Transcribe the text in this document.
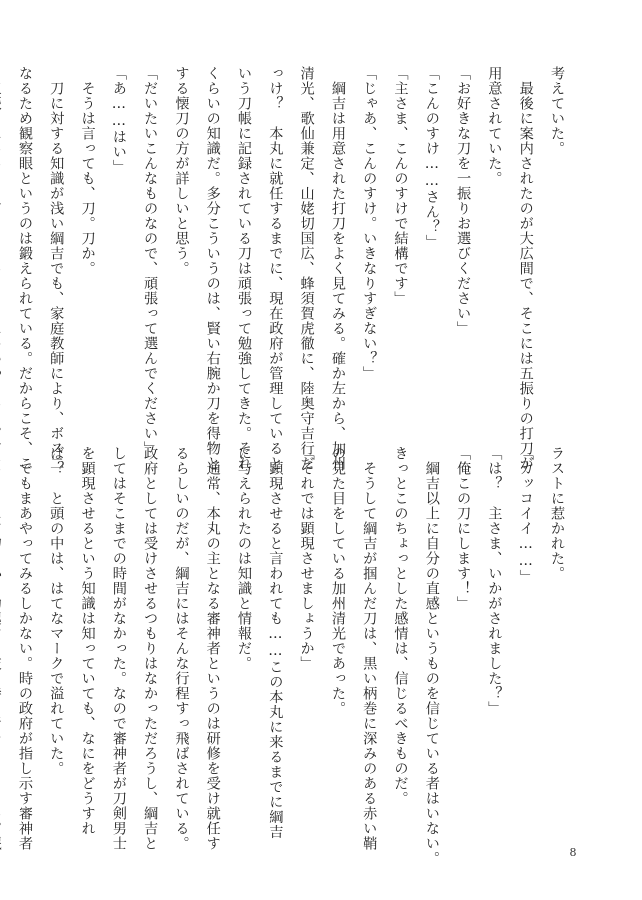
考えていた。
　最後に案内されたのが大広間で、そこには五振りの打刀が
用意されていた。
「お好きな刀を一振りお選びください」
「こんのすけ……さん？」
「主さま、こんのすけで結構です」
「じゃあ、こんのすけ。いきなりすぎない？」
　綱吉は用意された打刀をよく見てみる。確か左から、加州
清光、歌仙兼定、山姥切国広、蜂須賀虎徹に、陸奥守吉行だ
っけ？　本丸に就任するまでに、現在政府が管理していると
いう刀帳に記録されている刀は頑張って勉強してきた。それ
くらいの知識だ。多分こういうのは、賢い右腕か刀を得物と
する懐刀の方が詳しいと思う。
「だいたいこんなものなので、頑張って選んでください」
「あ……はい」
　そうは言っても、刀。刀か。
　刀に対する知識が浅い綱吉でも、家庭教師により、ボス二
なるため観察眼というのは鍛えられている。だからこそ、こ
ラストに惹かれた。
「カッコイイ……」
「は？　主さま、いかがされました？」
「俺この刀にします！」
　綱吉以上に自分の直感というものを信じている者はいない。
きっとこのちょっとした感情は、信じるべきものだ。
　そうして綱吉が掴んだ刀は、黒い柄巻に深みのある赤い鞘
の見た目をしている加州清光であった。
「それでは顕現させましょうか」
　顕現させると言われても……この本丸に来るまでに綱吉
に与えられたのは知識と情報だ。
　通常、本丸の主となる審神者というのは研修を受け就任す
るらしいのだが、綱吉にはそんな行程すっ飛ばされている。
政府としては受けさせるつもりはなかっただろうし、綱吉と
してはそこまでの時間がなかった。なので審神者が刀剣男士
を顕現させるという知識は知っていても、なにをどうすれ
ば？　と頭の中は、はてなマークで溢れていた。
　でもまあやってみるしかない。時の政府が指し示す審神者
8
